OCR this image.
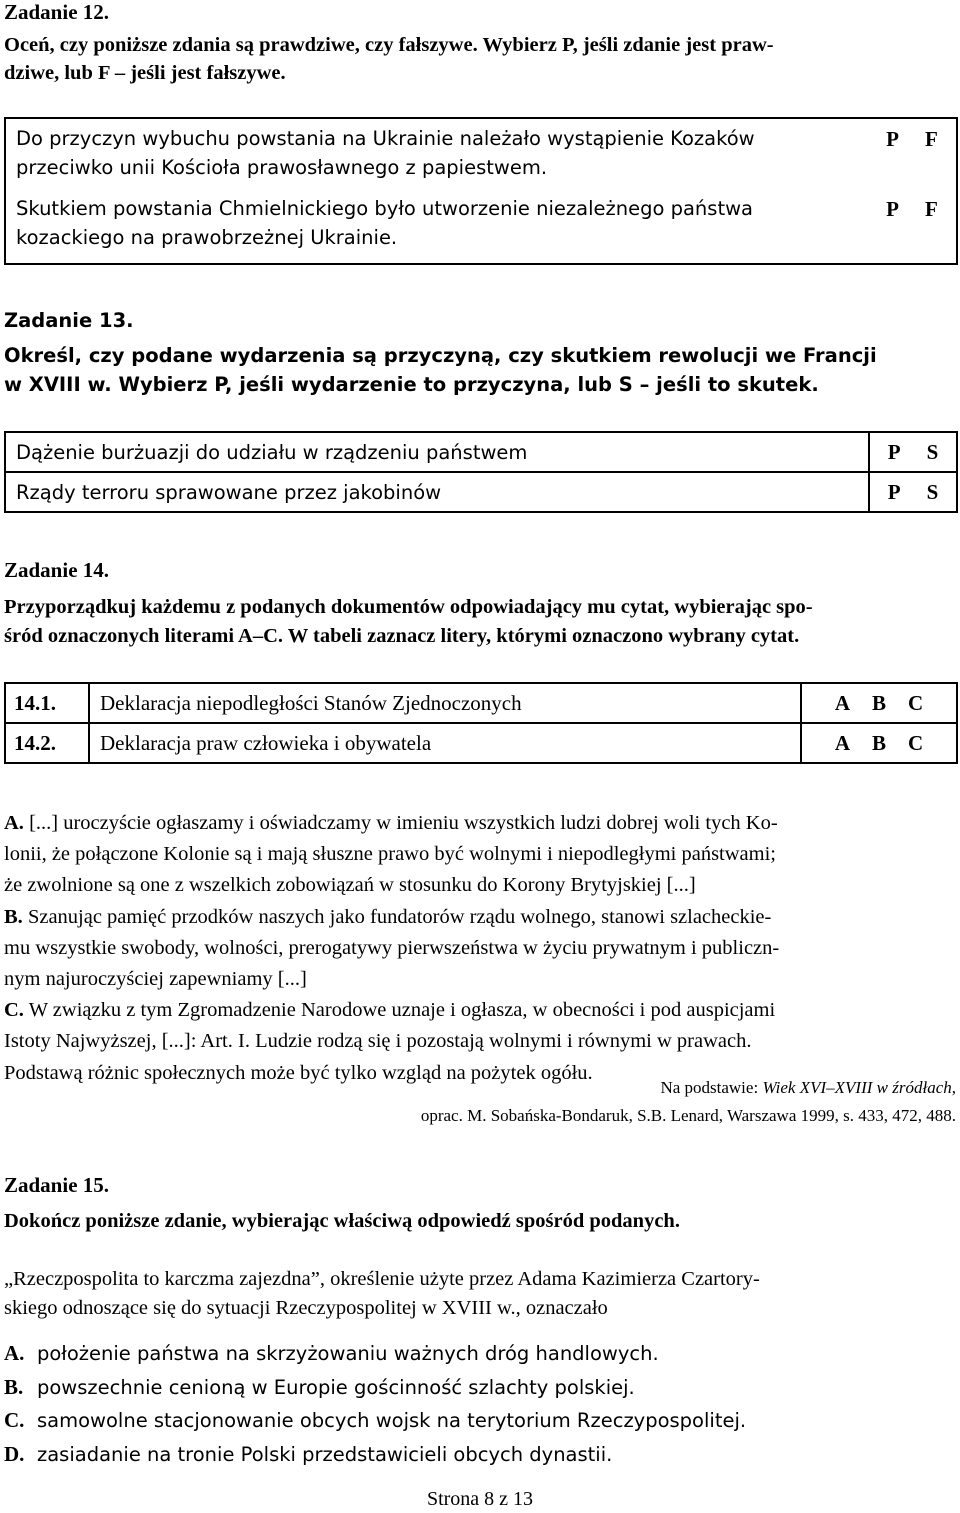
Zadanie 12.
Oceń, czy poniższe zdania są prawdziwe, czy fałszywe. Wybierz P, jeśli zdanie jest praw-
dziwe, lub F – jeśli jest fałszywe.
Do przyczyn wybuchu powstania na Ukrainie należało wystąpienie Kozaków
przeciwko unii Kościoła prawosławnego z papiestwem.	P F

Skutkiem powstania Chmielnickiego było utworzenie niezależnego państwa
kozackiego na prawobrzeżnej Ukrainie.	P F
Zadanie 13.
Określ, czy podane wydarzenia są przyczyną, czy skutkiem rewolucji we Francji
w XVIII w. Wybierz P, jeśli wydarzenie to przyczyna, lub S – jeśli to skutek.
Dążenie burżuazji do udziału w rządzeniu państwem	P S
Rządy terroru sprawowane przez jakobinów	P S
Zadanie 14.
Przyporządkuj każdemu z podanych dokumentów odpowiadający mu cytat, wybierając spo-
śród oznaczonych literami A–C. W tabeli zaznacz litery, którymi oznaczono wybrany cytat.
14.1.	Deklaracja niepodległości Stanów Zjednoczonych	A B C
14.2.	Deklaracja praw człowieka i obywatela	A B C
A. [...] uroczyście ogłaszamy i oświadczamy w imieniu wszystkich ludzi dobrej woli tych Ko-
lonii, że połączone Kolonie są i mają słuszne prawo być wolnymi i niepodległymi państwami;
że zwolnione są one z wszelkich zobowiązań w stosunku do Korony Brytyjskiej [...]
B. Szanując pamięć przodków naszych jako fundatorów rządu wolnego, stanowi szlacheckie-
mu wszystkie swobody, wolności, prerogatywy pierwszeństwa w życiu prywatnym i publiczn-
nym najuroczyściej zapewniamy [...]
C. W związku z tym Zgromadzenie Narodowe uznaje i ogłasza, w obecności i pod auspicjami
Istoty Najwyższej, [...]: Art. I. Ludzie rodzą się i pozostają wolnymi i równymi w prawach.
Podstawą różnic społecznych może być tylko wzgląd na pożytek ogółu.
Na podstawie: Wiek XVI–XVIII w źródłach,
oprac. M. Sobańska-Bondaruk, S.B. Lenard, Warszawa 1999, s. 433, 472, 488.
Zadanie 15.
Dokończ poniższe zdanie, wybierając właściwą odpowiedź spośród podanych.
„Rzeczpospolita to karczma zajezdna”, określenie użyte przez Adama Kazimierza Czartory-
skiego odnoszące się do sytuacji Rzeczypospolitej w XVIII w., oznaczało
A. położenie państwa na skrzyżowaniu ważnych dróg handlowych.
B. powszechnie cenioną w Europie gościnność szlachty polskiej.
C. samowolne stacjonowanie obcych wojsk na terytorium Rzeczypospolitej.
D. zasiadanie na tronie Polski przedstawicieli obcych dynastii.
Strona 8 z 13
